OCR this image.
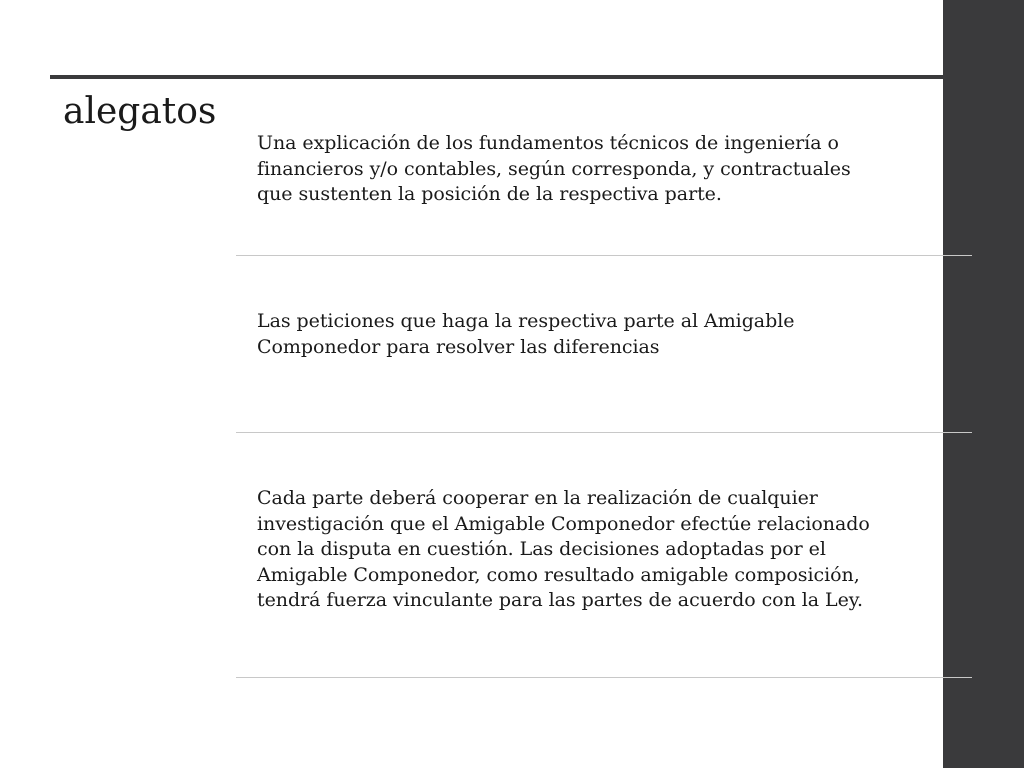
alegatos

Una explicación de los fundamentos técnicos de ingeniería o
financieros y/o contables, según corresponda, y contractuales
que sustenten la posición de la respectiva parte.

Las peticiones que haga la respectiva parte al Amigable
Componedor para resolver las diferencias

Cada parte deberá cooperar en la realización de cualquier
investigación que el Amigable Componedor efectúe relacionado
con la disputa en cuestión. Las decisiones adoptadas por el
Amigable Componedor, como resultado amigable composición,
tendrá fuerza vinculante para las partes de acuerdo con la Ley.
